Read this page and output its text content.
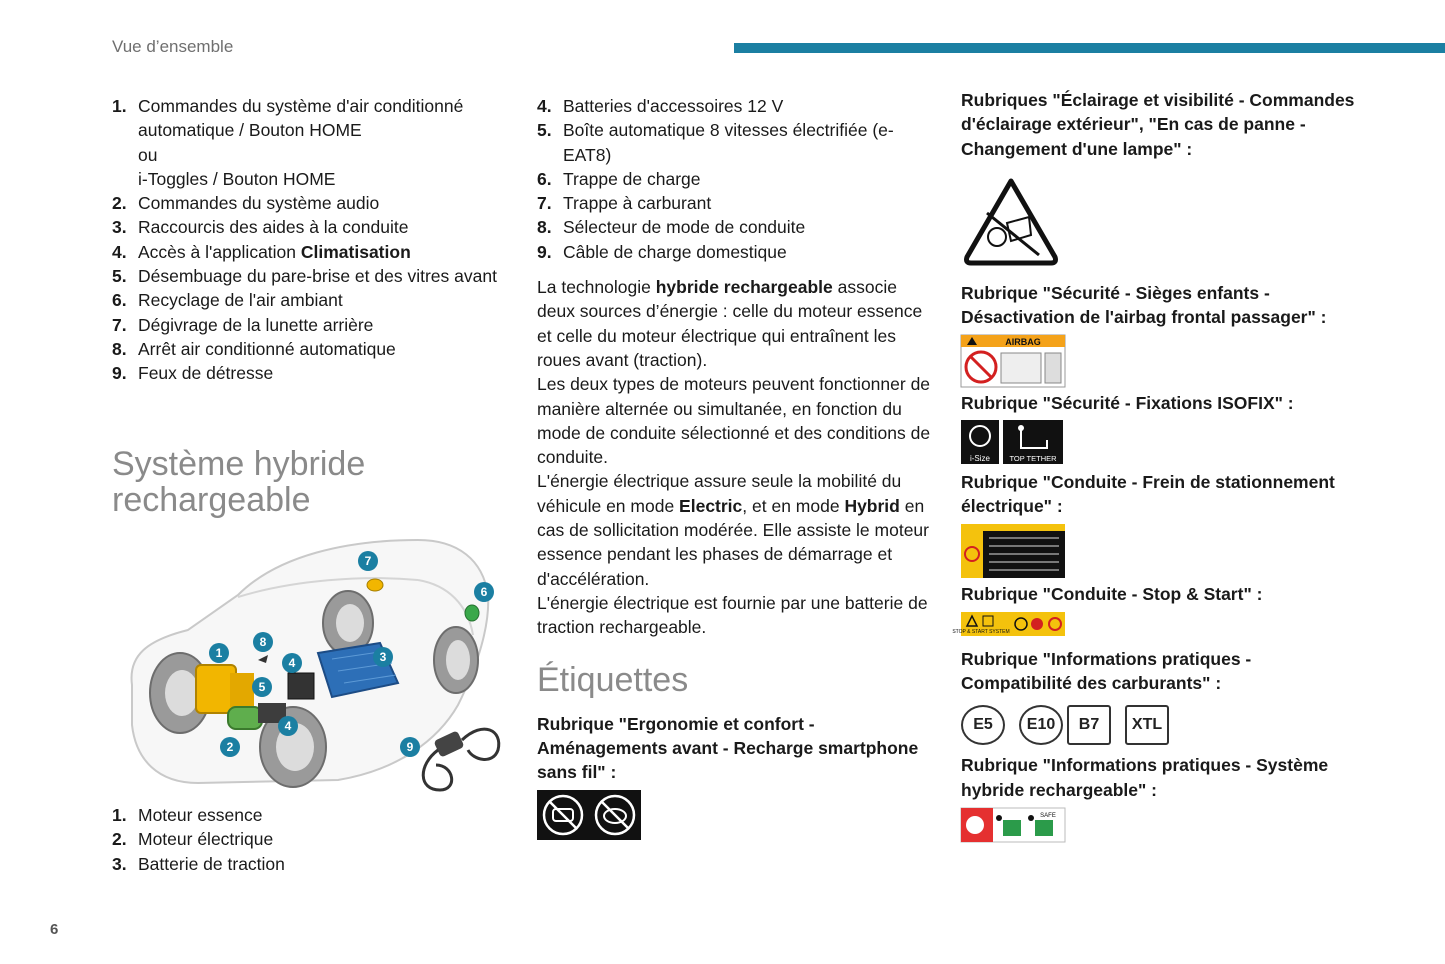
Vue d’ensemble
1. Commandes du système d'air conditionné automatique / Bouton HOME
ou
i-Toggles / Bouton HOME
2. Commandes du système audio
3. Raccourcis des aides à la conduite
4. Accès à l'application Climatisation
5. Désembuage du pare-brise et des vitres avant
6. Recyclage de l'air ambiant
7. Dégivrage de la lunette arrière
8. Arrêt air conditionné automatique
9. Feux de détresse
Système hybride rechargeable
1
2
3
4
4
5
6
7
8
9
1. Moteur essence
2. Moteur électrique
3. Batterie de traction
4. Batteries d'accessoires 12 V
5. Boîte automatique 8 vitesses électrifiée (e-EAT8)
6. Trappe de charge
7. Trappe à carburant
8. Sélecteur de mode de conduite
9. Câble de charge domestique

La technologie hybride rechargeable associe deux sources d’énergie : celle du moteur essence et celle du moteur électrique qui entraînent les roues avant (traction).

Les deux types de moteurs peuvent fonctionner de manière alternée ou simultanée, en fonction du mode de conduite sélectionné et des conditions de conduite.

L'énergie électrique assure seule la mobilité du véhicule en mode Electric, et en mode Hybrid en cas de sollicitation modérée. Elle assiste le moteur essence pendant les phases de démarrage et d'accélération.

L'énergie électrique est fournie par une batterie de traction rechargeable.

Étiquettes

Rubrique "Ergonomie et confort - Aménagements avant - Recharge smartphone sans fil" :

Rubriques "Éclairage et visibilité - Commandes d'éclairage extérieur", "En cas de panne - Changement d'une lampe" :

Rubrique "Sécurité - Sièges enfants - Désactivation de l'airbag frontal passager" :

AIRBAG

Rubrique "Sécurité - Fixations ISOFIX" :

i-Size	TOP TETHER

Rubrique "Conduite - Frein de stationnement électrique" :

Rubrique "Conduite - Stop & Start" :

STOP & START SYSTEM

Rubrique "Informations pratiques - Compatibilité des carburants" :

E5	E10	B7	XTL

Rubrique "Informations pratiques - Système hybride rechargeable" :

SAFE
6
